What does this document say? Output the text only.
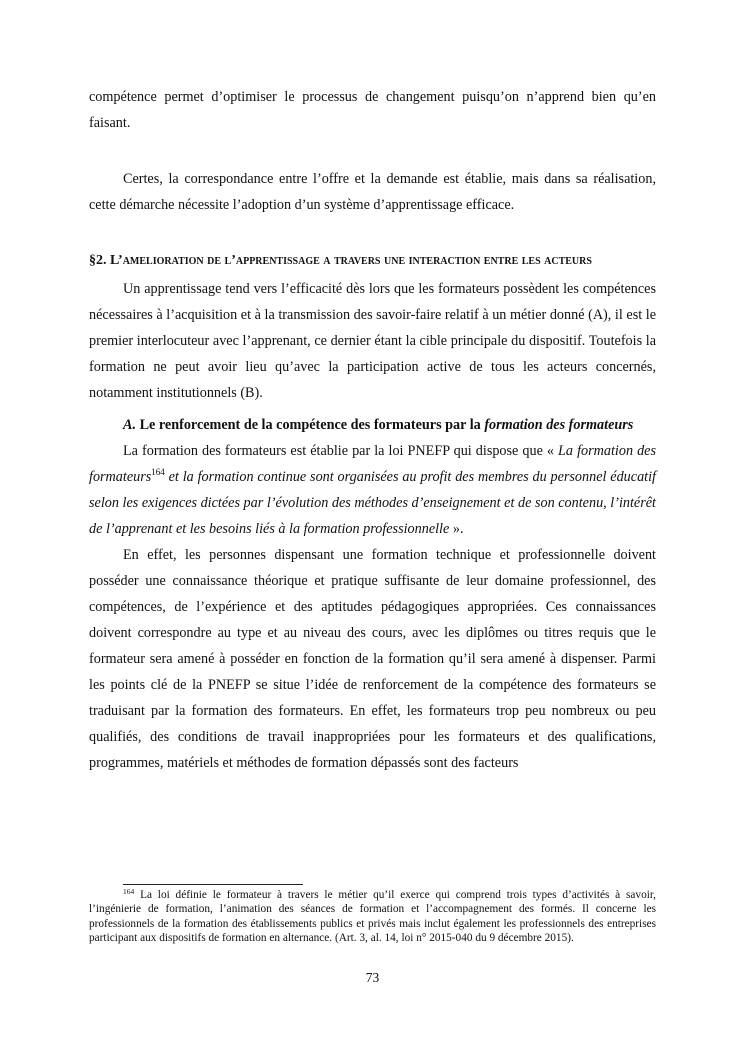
compétence permet d’optimiser le processus de changement puisqu’on n’apprend bien qu’en faisant.

Certes, la correspondance entre l’offre et la demande est établie, mais dans sa réalisation, cette démarche nécessite l’adoption d’un système d’apprentissage efficace.

§2. L’amelioration de l’apprentissage a travers une interaction entre les acteurs

Un apprentissage tend vers l’efficacité dès lors que les formateurs possèdent les compétences nécessaires à l’acquisition et à la transmission des savoir-faire relatif à un métier donné (A), il est le premier interlocuteur avec l’apprenant, ce dernier étant la cible principale du dispositif. Toutefois la formation ne peut avoir lieu qu’avec la participation active de tous les acteurs concernés, notamment institutionnels (B).

A. Le renforcement de la compétence des formateurs par la formation des formateurs

La formation des formateurs est établie par la loi PNEFP qui dispose que « La formation des formateurs$^{164}$ et la formation continue sont organisées au profit des membres du personnel éducatif selon les exigences dictées par l’évolution des méthodes d’enseignement et de son contenu, l’intérêt de l’apprenant et les besoins liés à la formation professionnelle ».

En effet, les personnes dispensant une formation technique et professionnelle doivent posséder une connaissance théorique et pratique suffisante de leur domaine professionnel, des compétences, de l’expérience et des aptitudes pédagogiques appropriées. Ces connaissances doivent correspondre au type et au niveau des cours, avec les diplômes ou titres requis que le formateur sera amené à posséder en fonction de la formation qu’il sera amené à dispenser. Parmi les points clé de la PNEFP se situe l’idée de renforcement de la compétence des formateurs se traduisant par la formation des formateurs. En effet, les formateurs trop peu nombreux ou peu qualifiés, des conditions de travail inappropriées pour les formateurs et des qualifications, programmes, matériels et méthodes de formation dépassés sont des facteurs

$^{164}$ La loi définie le formateur à travers le métier qu’il exerce qui comprend trois types d’activités à savoir, l’ingénierie de formation, l’animation des séances de formation et l’accompagnement des formés. Il concerne les professionnels de la formation des établissements publics et privés mais inclut également les professionnels des entreprises participant aux dispositifs de formation en alternance. (Art. 3, al. 14, loi n° 2015-040 du 9 décembre 2015).

73
